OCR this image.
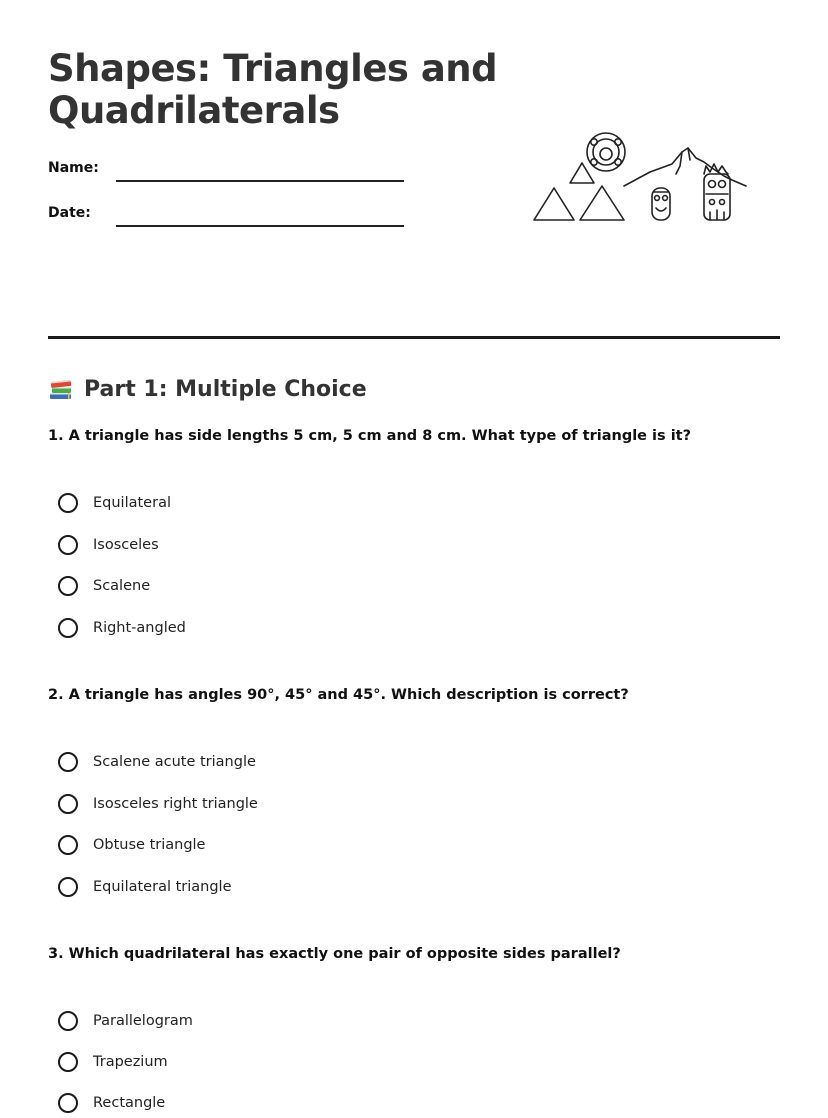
Shapes: Triangles and Quadrilaterals
Name:
Date:
Part 1: Multiple Choice

1. A triangle has side lengths 5 cm, 5 cm and 8 cm. What type of triangle is it?

Equilateral
Isosceles
Scalene
Right-angled

2. A triangle has angles 90°, 45° and 45°. Which description is correct?

Scalene acute triangle
Isosceles right triangle
Obtuse triangle
Equilateral triangle

3. Which quadrilateral has exactly one pair of opposite sides parallel?

Parallelogram
Trapezium
Rectangle
